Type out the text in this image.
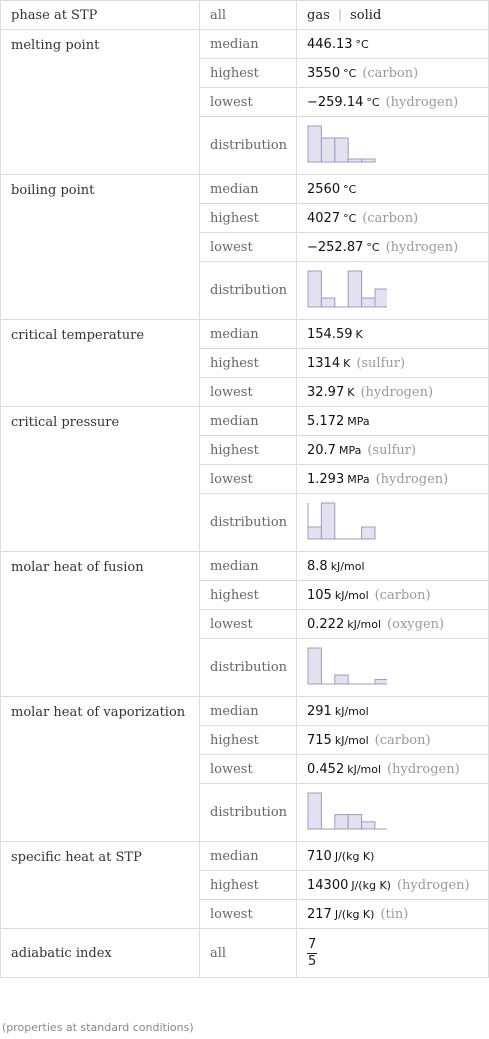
phase at STP	all	gas | solid
melting point	median	446.13 °C
	highest	3550 °C (carbon)
	lowest	−259.14 °C (hydrogen)
	distribution	

boiling point	median	2560 °C
	highest	4027 °C (carbon)
	lowest	−252.87 °C (hydrogen)
	distribution	

critical temperature	median	154.59 K
	highest	1314 K (sulfur)
	lowest	32.97 K (hydrogen)
critical pressure	median	5.172 MPa
	highest	20.7 MPa (sulfur)
	lowest	1.293 MPa (hydrogen)
	distribution	

molar heat of fusion	median	8.8 kJ/mol
	highest	105 kJ/mol (carbon)
	lowest	0.222 kJ/mol (oxygen)
	distribution	

molar heat of vaporization	median	291 kJ/mol
	highest	715 kJ/mol (carbon)
	lowest	0.452 kJ/mol (hydrogen)
	distribution	

specific heat at STP	median	710 J/(kg K)
	highest	14300 J/(kg K) (hydrogen)
	lowest	217 J/(kg K) (tin)
adiabatic index	all	$\frac{7}{5}$
(properties at standard conditions)
